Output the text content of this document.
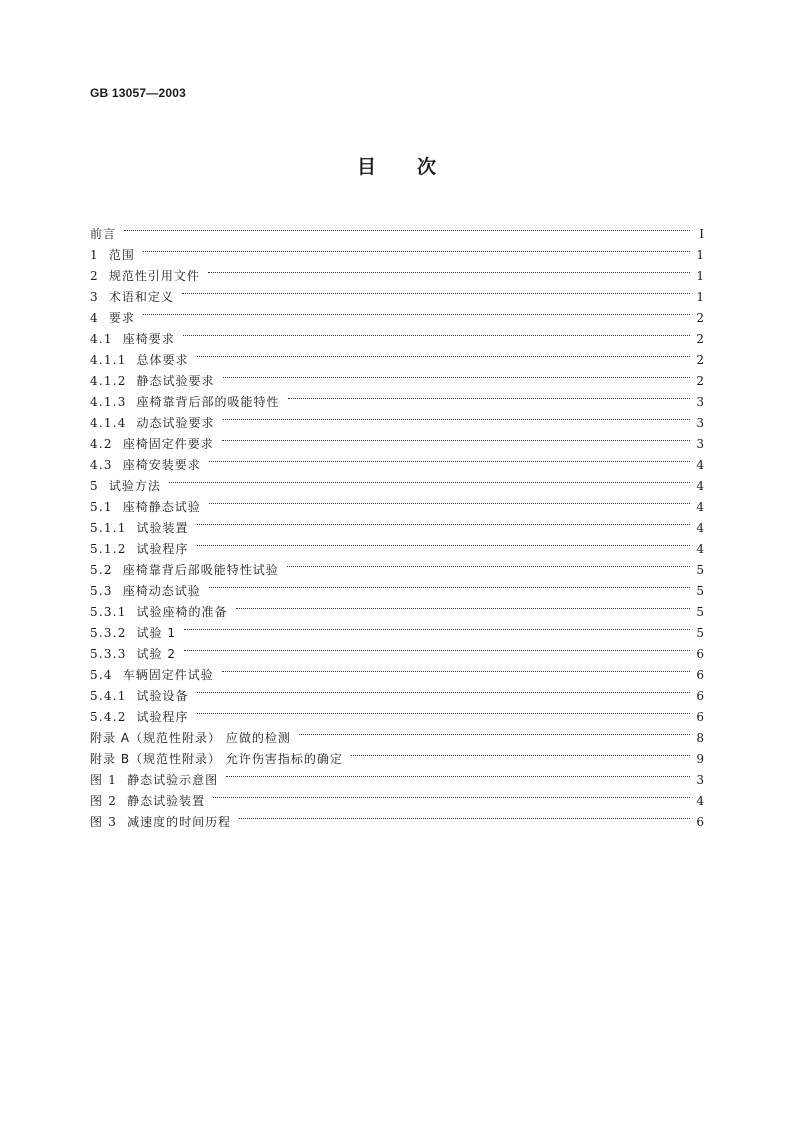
GB 13057—2003
目 次
前言	I
1 范围	1
2 规范性引用文件	1
3 术语和定义	1
4 要求	2
4.1 座椅要求	2
4.1.1 总体要求	2
4.1.2 静态试验要求	2
4.1.3 座椅靠背后部的吸能特性	3
4.1.4 动态试验要求	3
4.2 座椅固定件要求	3
4.3 座椅安装要求	4
5 试验方法	4
5.1 座椅静态试验	4
5.1.1 试验装置	4
5.1.2 试验程序	4
5.2 座椅靠背后部吸能特性试验	5
5.3 座椅动态试验	5
5.3.1 试验座椅的准备	5
5.3.2 试验 1	5
5.3.3 试验 2	6
5.4 车辆固定件试验	6
5.4.1 试验设备	6
5.4.2 试验程序	6
附录 A（规范性附录） 应做的检测	8
附录 B（规范性附录） 允许伤害指标的确定	9
图 1 静态试验示意图	3
图 2 静态试验装置	4
图 3 减速度的时间历程	6
